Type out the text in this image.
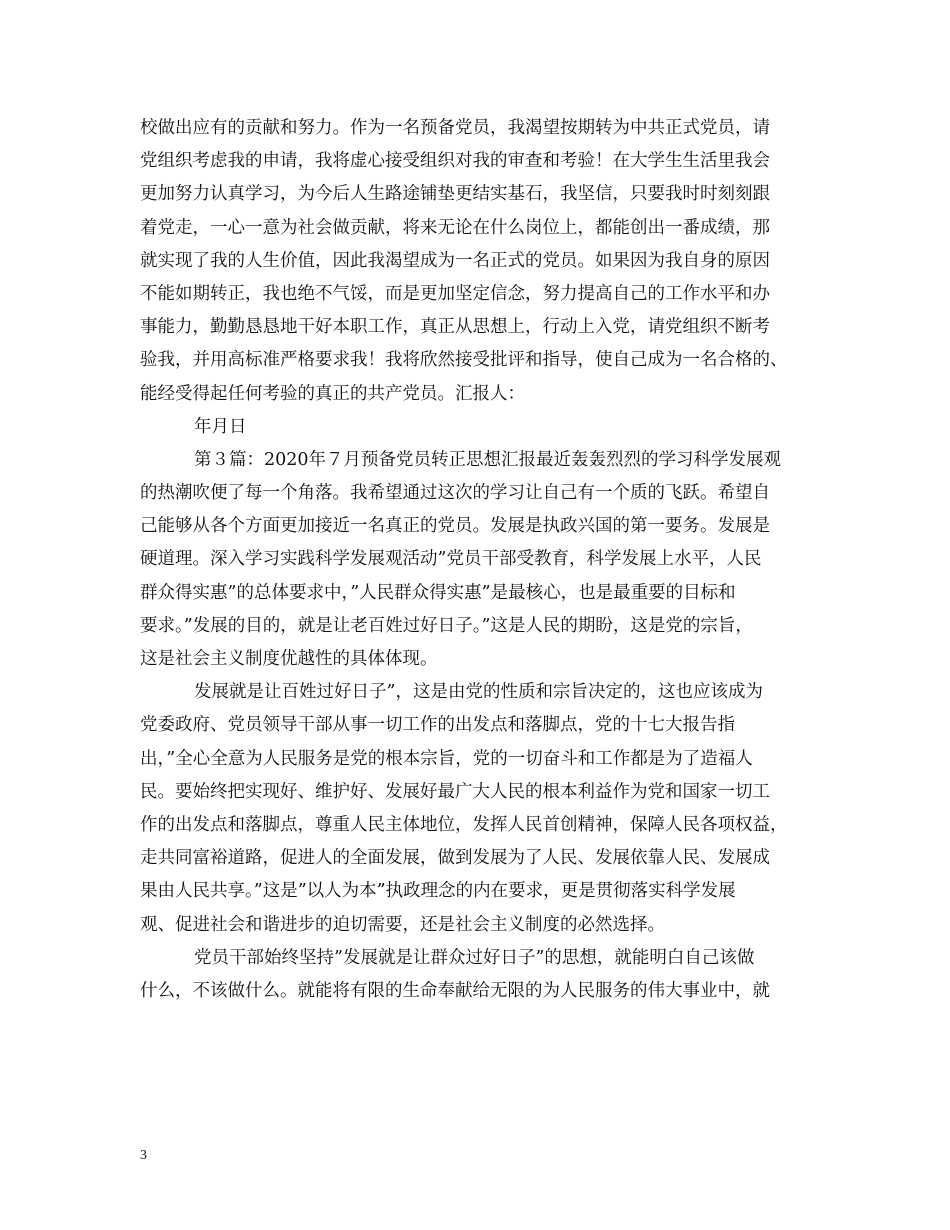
校做出应有的贡献和努力。作为一名预备党员，我渴望按期转为中共正式党员，请
党组织考虑我的申请，我将虚心接受组织对我的审查和考验！在大学生生活里我会
更加努力认真学习，为今后人生路途铺垫更结实基石，我坚信，只要我时时刻刻跟
着党走，一心一意为社会做贡献，将来无论在什么岗位上，都能创出一番成绩，那
就实现了我的人生价值，因此我渴望成为一名正式的党员。如果因为我自身的原因
不能如期转正，我也绝不气馁，而是更加坚定信念，努力提高自己的工作水平和办
事能力，勤勤恳恳地干好本职工作，真正从思想上，行动上入党，请党组织不断考
验我，并用高标准严格要求我！我将欣然接受批评和指导，使自己成为一名合格的、
能经受得起任何考验的真正的共产党员。汇报人：
年月日
第３篇：2020年７月预备党员转正思想汇报最近轰轰烈烈的学习科学发展观
的热潮吹便了每一个角落。我希望通过这次的学习让自己有一个质的飞跃。希望自
己能够从各个方面更加接近一名真正的党员。发展是执政兴国的第一要务。发展是
硬道理。深入学习实践科学发展观活动”党员干部受教育，科学发展上水平，人民
群众得实惠”的总体要求中，”人民群众得实惠”是最核心，也是最重要的目标和
要求。”发展的目的，就是让老百姓过好日子。”这是人民的期盼，这是党的宗旨，
这是社会主义制度优越性的具体体现。
发展就是让百姓过好日子”，这是由党的性质和宗旨决定的，这也应该成为
党委政府、党员领导干部从事一切工作的出发点和落脚点，党的十七大报告指
出，”全心全意为人民服务是党的根本宗旨，党的一切奋斗和工作都是为了造福人
民。要始终把实现好、维护好、发展好最广大人民的根本利益作为党和国家一切工
作的出发点和落脚点，尊重人民主体地位，发挥人民首创精神，保障人民各项权益，
走共同富裕道路，促进人的全面发展，做到发展为了人民、发展依靠人民、发展成
果由人民共享。”这是”以人为本”执政理念的内在要求，更是贯彻落实科学发展
观、促进社会和谐进步的迫切需要，还是社会主义制度的必然选择。
党员干部始终坚持”发展就是让群众过好日子”的思想，就能明白自己该做
什么，不该做什么。就能将有限的生命奉献给无限的为人民服务的伟大事业中，就
3
